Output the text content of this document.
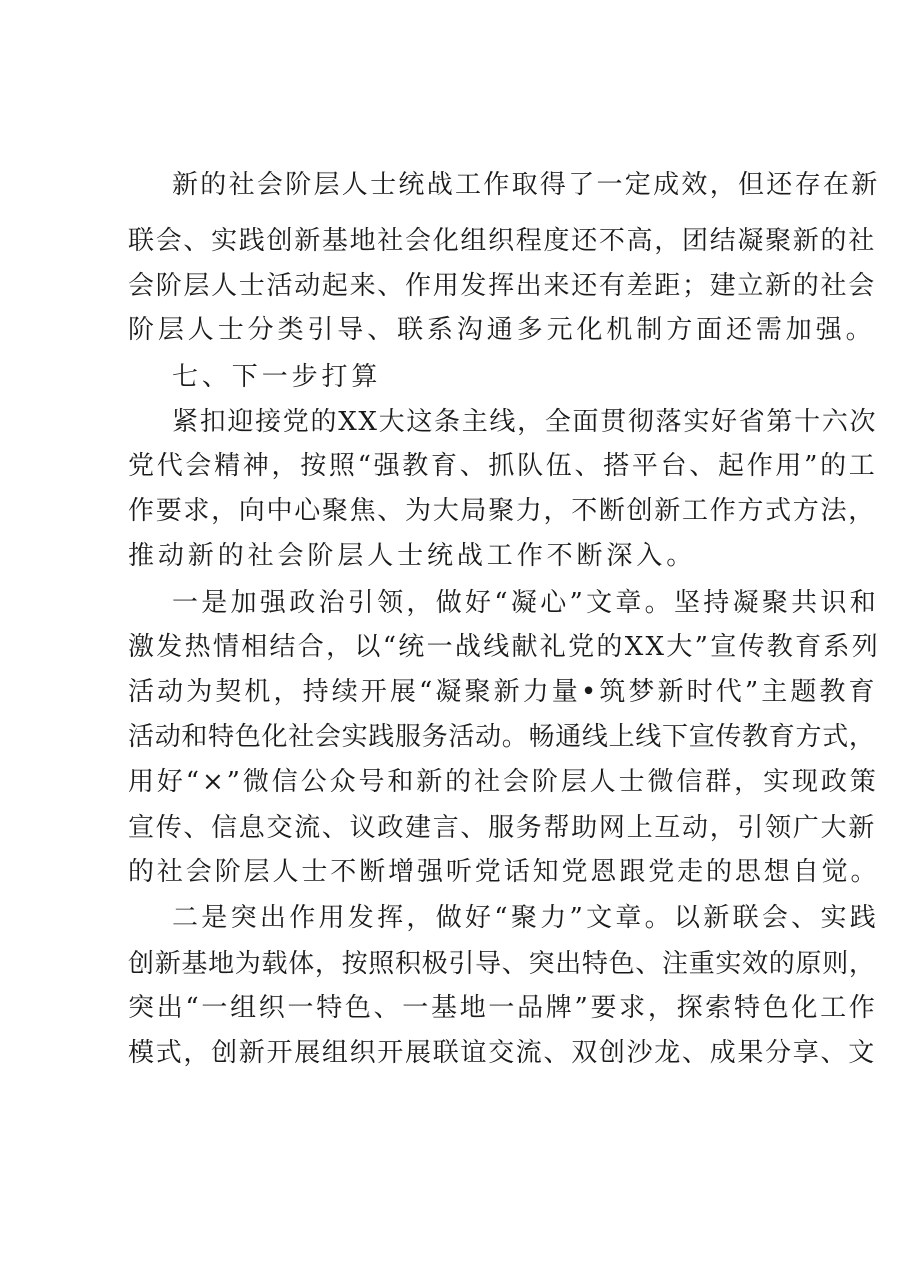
新的社会阶层人士统战工作取得了一定成效，但还存在新
联会、实践创新基地社会化组织程度还不高，团结凝聚新的社
会阶层人士活动起来、作用发挥出来还有差距；建立新的社会
阶层人士分类引导、联系沟通多元化机制方面还需加强。
七、下一步打算
紧扣迎接党的XX大这条主线，全面贯彻落实好省第十六次
党代会精神，按照“强教育、抓队伍、搭平台、起作用”的工
作要求，向中心聚焦、为大局聚力，不断创新工作方式方法，
推动新的社会阶层人士统战工作不断深入。
一是加强政治引领，做好“凝心”文章。坚持凝聚共识和
激发热情相结合，以“统一战线献礼党的XX大”宣传教育系列
活动为契机，持续开展“凝聚新力量•筑梦新时代”主题教育
活动和特色化社会实践服务活动。畅通线上线下宣传教育方式，
用好“×”微信公众号和新的社会阶层人士微信群，实现政策
宣传、信息交流、议政建言、服务帮助网上互动，引领广大新
的社会阶层人士不断增强听党话知党恩跟党走的思想自觉。
二是突出作用发挥，做好“聚力”文章。以新联会、实践
创新基地为载体，按照积极引导、突出特色、注重实效的原则，
突出“一组织一特色、一基地一品牌”要求，探索特色化工作
模式，创新开展组织开展联谊交流、双创沙龙、成果分享、文
